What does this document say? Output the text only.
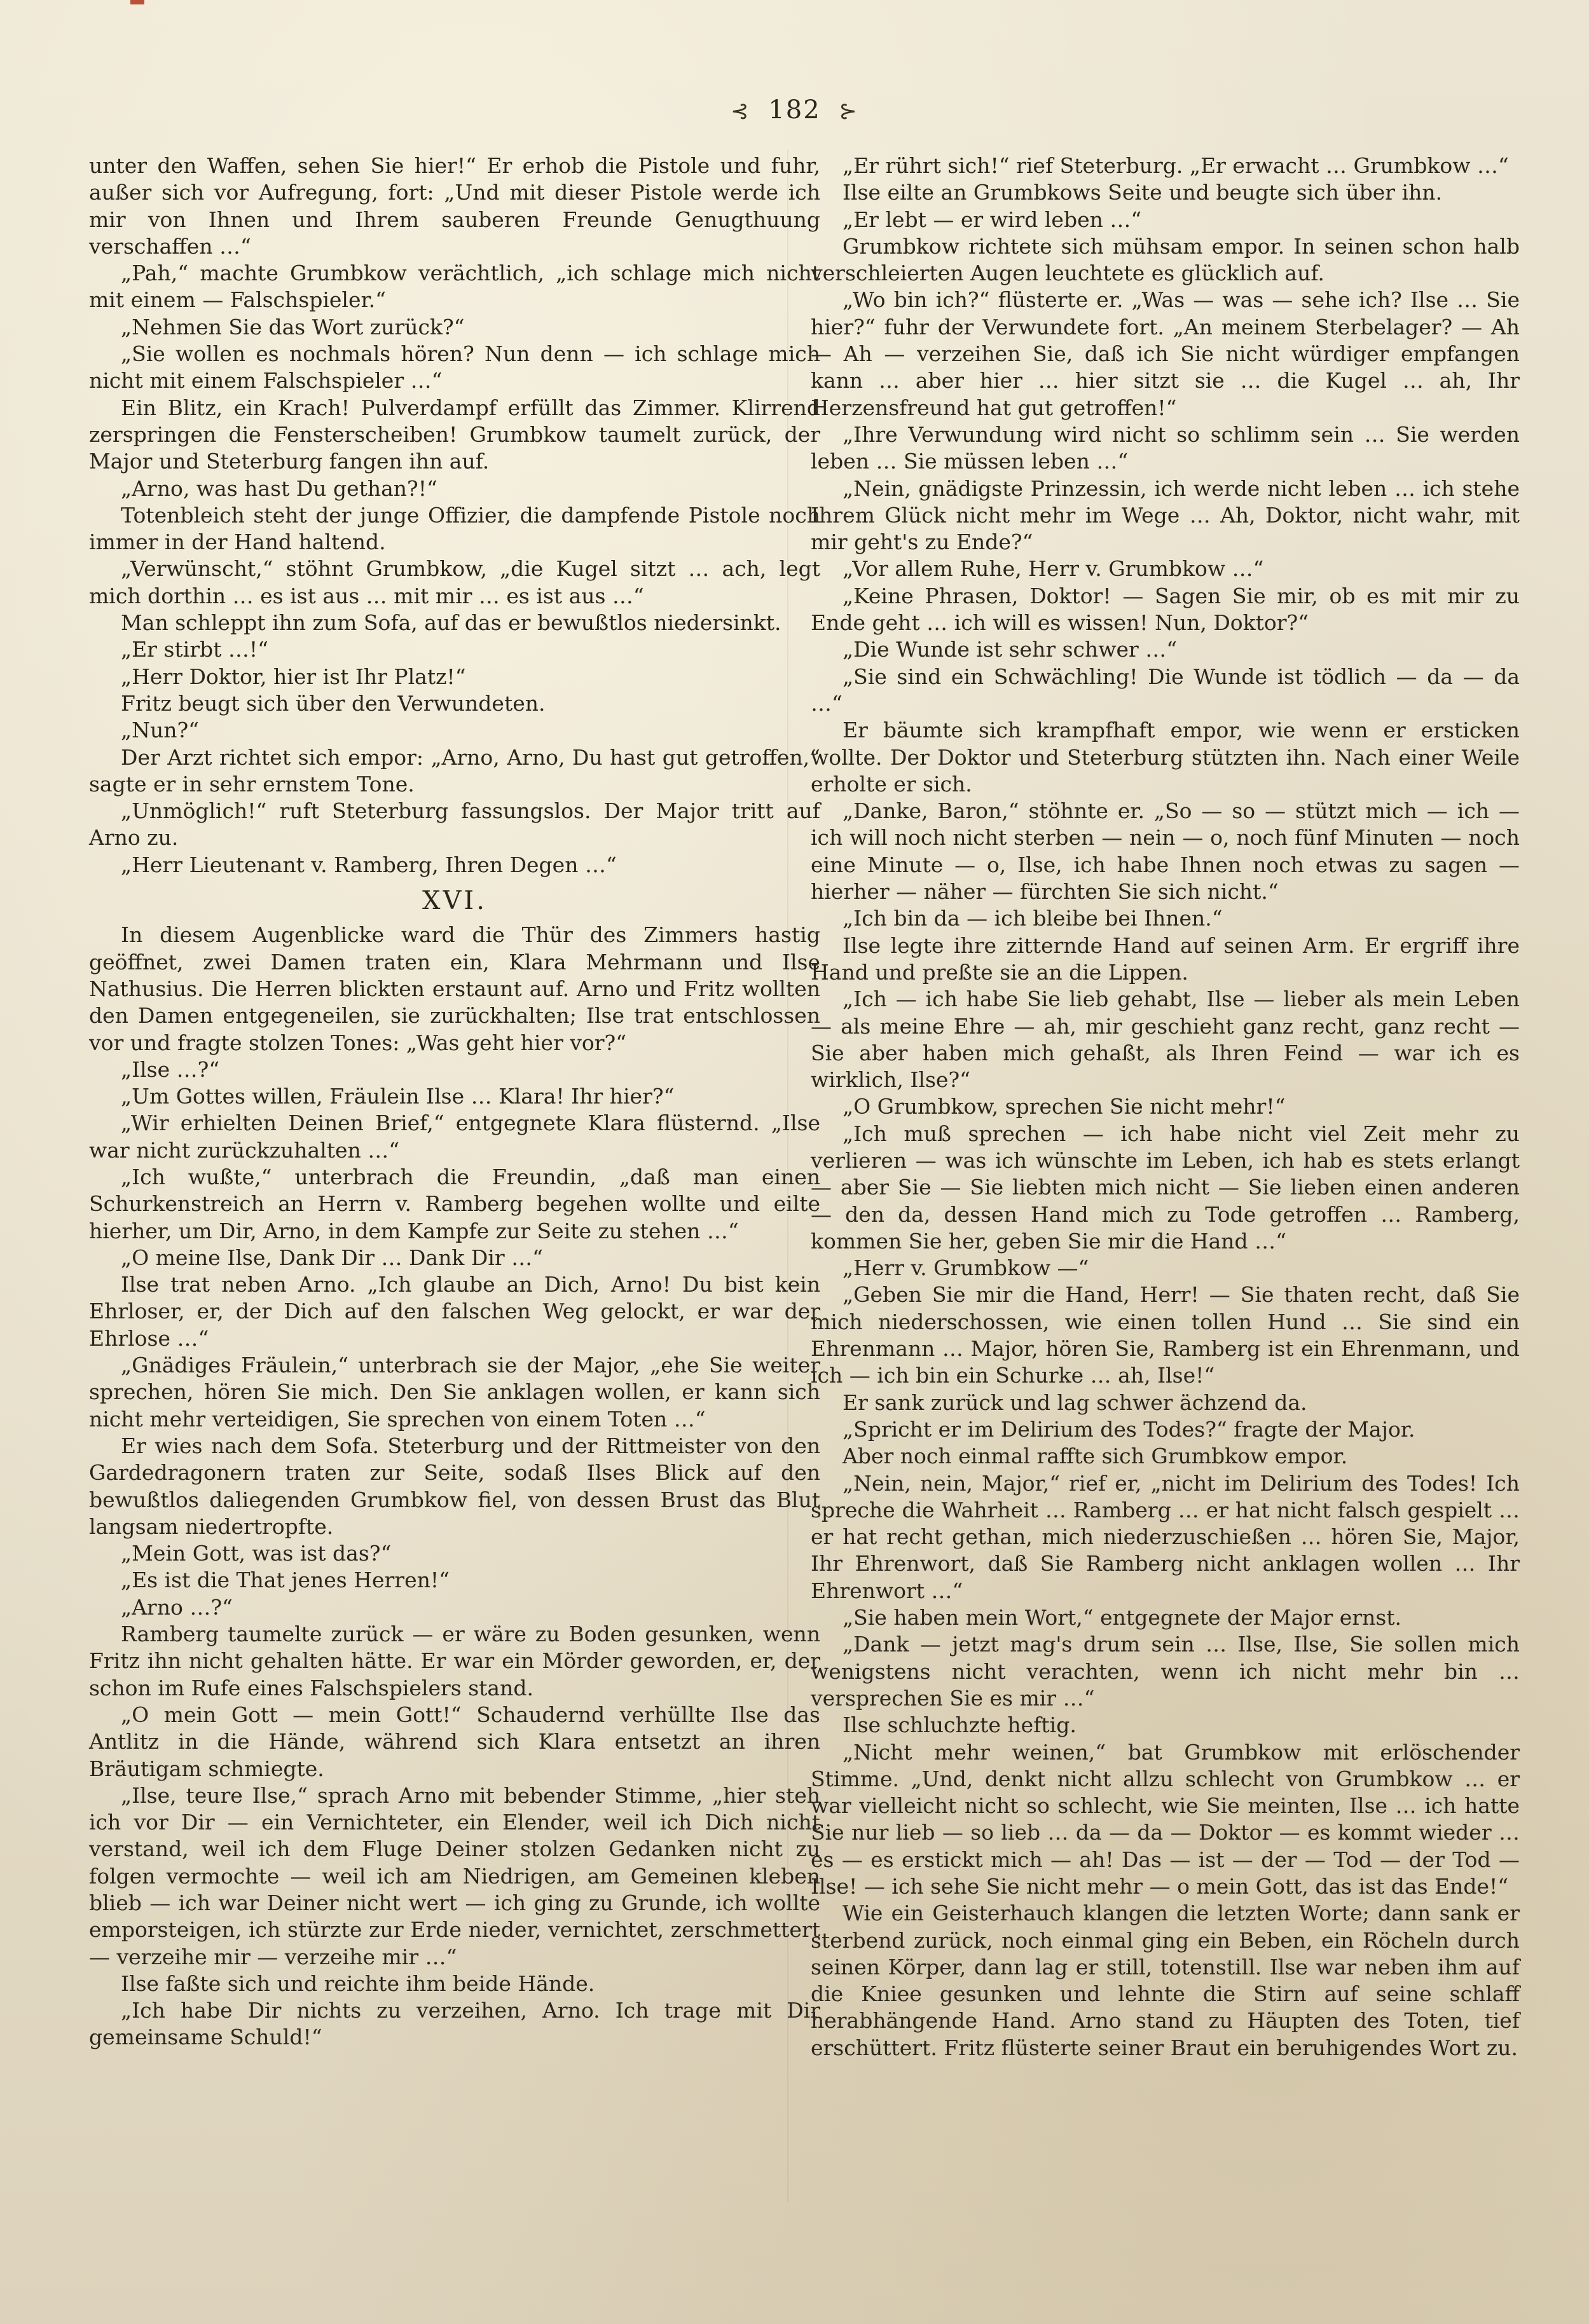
⊰ 182 ⊱

unter den Waffen, sehen Sie hier!“ Er erhob die Pistole und fuhr, außer sich vor Aufregung, fort: „Und mit dieser Pistole werde ich mir von Ihnen und Ihrem sauberen Freunde Genugthuung verschaffen …“

„Pah,“ machte Grumbkow verächtlich, „ich schlage mich nicht mit einem — Falschspieler.“

„Nehmen Sie das Wort zurück?“

„Sie wollen es nochmals hören? Nun denn — ich schlage mich nicht mit einem Falschspieler …“

Ein Blitz, ein Krach! Pulverdampf erfüllt das Zimmer. Klirrend zerspringen die Fensterscheiben! Grumbkow taumelt zurück, der Major und Steterburg fangen ihn auf.

„Arno, was hast Du gethan?!“

Totenbleich steht der junge Offizier, die dampfende Pistole noch immer in der Hand haltend.

„Verwünscht,“ stöhnt Grumbkow, „die Kugel sitzt … ach, legt mich dorthin … es ist aus … mit mir … es ist aus …“

Man schleppt ihn zum Sofa, auf das er bewußtlos niedersinkt.

„Er stirbt …!“

„Herr Doktor, hier ist Ihr Platz!“

Fritz beugt sich über den Verwundeten.

„Nun?“

Der Arzt richtet sich empor: „Arno, Arno, Du hast gut getroffen,“ sagte er in sehr ernstem Tone.

„Unmöglich!“ ruft Steterburg fassungslos. Der Major tritt auf Arno zu.

„Herr Lieutenant v. Ramberg, Ihren Degen …“

XVI.

In diesem Augenblicke ward die Thür des Zimmers hastig geöffnet, zwei Damen traten ein, Klara Mehrmann und Ilse Nathusius. Die Herren blickten erstaunt auf. Arno und Fritz wollten den Damen entgegeneilen, sie zurückhalten; Ilse trat entschlossen vor und fragte stolzen Tones: „Was geht hier vor?“

„Ilse …?“

„Um Gottes willen, Fräulein Ilse … Klara! Ihr hier?“

„Wir erhielten Deinen Brief,“ entgegnete Klara flüsternd. „Ilse war nicht zurückzuhalten …“

„Ich wußte,“ unterbrach die Freundin, „daß man einen Schurkenstreich an Herrn v. Ramberg begehen wollte und eilte hierher, um Dir, Arno, in dem Kampfe zur Seite zu stehen …“

„O meine Ilse, Dank Dir … Dank Dir …“

Ilse trat neben Arno. „Ich glaube an Dich, Arno! Du bist kein Ehrloser, er, der Dich auf den falschen Weg gelockt, er war der Ehrlose …“

„Gnädiges Fräulein,“ unterbrach sie der Major, „ehe Sie weiter sprechen, hören Sie mich. Den Sie anklagen wollen, er kann sich nicht mehr verteidigen, Sie sprechen von einem Toten …“

Er wies nach dem Sofa. Steterburg und der Rittmeister von den Gardedragonern traten zur Seite, sodaß Ilses Blick auf den bewußtlos daliegenden Grumbkow fiel, von dessen Brust das Blut langsam niedertropfte.

„Mein Gott, was ist das?“

„Es ist die That jenes Herren!“

„Arno …?“

Ramberg taumelte zurück — er wäre zu Boden gesunken, wenn Fritz ihn nicht gehalten hätte. Er war ein Mörder geworden, er, der schon im Rufe eines Falschspielers stand.

„O mein Gott — mein Gott!“ Schaudernd verhüllte Ilse das Antlitz in die Hände, während sich Klara entsetzt an ihren Bräutigam schmiegte.

„Ilse, teure Ilse,“ sprach Arno mit bebender Stimme, „hier steh ich vor Dir — ein Vernichteter, ein Elender, weil ich Dich nicht verstand, weil ich dem Fluge Deiner stolzen Gedanken nicht zu folgen vermochte — weil ich am Niedrigen, am Gemeinen kleben blieb — ich war Deiner nicht wert — ich ging zu Grunde, ich wollte emporsteigen, ich stürzte zur Erde nieder, vernichtet, zerschmettert — verzeihe mir — verzeihe mir …“

Ilse faßte sich und reichte ihm beide Hände.

„Ich habe Dir nichts zu verzeihen, Arno. Ich trage mit Dir gemeinsame Schuld!“

„Er rührt sich!“ rief Steterburg. „Er erwacht … Grumbkow …“

Ilse eilte an Grumbkows Seite und beugte sich über ihn.

„Er lebt — er wird leben …“

Grumbkow richtete sich mühsam empor. In seinen schon halb verschleierten Augen leuchtete es glücklich auf.

„Wo bin ich?“ flüsterte er. „Was — was — sehe ich? Ilse … Sie hier?“ fuhr der Verwundete fort. „An meinem Sterbelager? — Ah — Ah — verzeihen Sie, daß ich Sie nicht würdiger empfangen kann … aber hier … hier sitzt sie … die Kugel … ah, Ihr Herzensfreund hat gut getroffen!“

„Ihre Verwundung wird nicht so schlimm sein … Sie werden leben … Sie müssen leben …“

„Nein, gnädigste Prinzessin, ich werde nicht leben … ich stehe Ihrem Glück nicht mehr im Wege … Ah, Doktor, nicht wahr, mit mir geht's zu Ende?“

„Vor allem Ruhe, Herr v. Grumbkow …“

„Keine Phrasen, Doktor! — Sagen Sie mir, ob es mit mir zu Ende geht … ich will es wissen! Nun, Doktor?“

„Die Wunde ist sehr schwer …“

„Sie sind ein Schwächling! Die Wunde ist tödlich — da — da …“

Er bäumte sich krampfhaft empor, wie wenn er ersticken wollte. Der Doktor und Steterburg stützten ihn. Nach einer Weile erholte er sich.

„Danke, Baron,“ stöhnte er. „So — so — stützt mich — ich — ich will noch nicht sterben — nein — o, noch fünf Minuten — noch eine Minute — o, Ilse, ich habe Ihnen noch etwas zu sagen — hierher — näher — fürchten Sie sich nicht.“

„Ich bin da — ich bleibe bei Ihnen.“

Ilse legte ihre zitternde Hand auf seinen Arm. Er ergriff ihre Hand und preßte sie an die Lippen.

„Ich — ich habe Sie lieb gehabt, Ilse — lieber als mein Leben — als meine Ehre — ah, mir geschieht ganz recht, ganz recht — Sie aber haben mich gehaßt, als Ihren Feind — war ich es wirklich, Ilse?“

„O Grumbkow, sprechen Sie nicht mehr!“

„Ich muß sprechen — ich habe nicht viel Zeit mehr zu verlieren — was ich wünschte im Leben, ich hab es stets erlangt — aber Sie — Sie liebten mich nicht — Sie lieben einen anderen — den da, dessen Hand mich zu Tode getroffen … Ramberg, kommen Sie her, geben Sie mir die Hand …“

„Herr v. Grumbkow —“

„Geben Sie mir die Hand, Herr! — Sie thaten recht, daß Sie mich niederschossen, wie einen tollen Hund … Sie sind ein Ehrenmann … Major, hören Sie, Ramberg ist ein Ehrenmann, und ich — ich bin ein Schurke … ah, Ilse!“

Er sank zurück und lag schwer ächzend da.

„Spricht er im Delirium des Todes?“ fragte der Major.

Aber noch einmal raffte sich Grumbkow empor.

„Nein, nein, Major,“ rief er, „nicht im Delirium des Todes! Ich spreche die Wahrheit … Ramberg … er hat nicht falsch gespielt … er hat recht gethan, mich niederzuschießen … hören Sie, Major, Ihr Ehrenwort, daß Sie Ramberg nicht anklagen wollen … Ihr Ehrenwort …“

„Sie haben mein Wort,“ entgegnete der Major ernst.

„Dank — jetzt mag's drum sein … Ilse, Ilse, Sie sollen mich wenigstens nicht verachten, wenn ich nicht mehr bin … versprechen Sie es mir …“

Ilse schluchzte heftig.

„Nicht mehr weinen,“ bat Grumbkow mit erlöschender Stimme. „Und, denkt nicht allzu schlecht von Grumbkow … er war vielleicht nicht so schlecht, wie Sie meinten, Ilse … ich hatte Sie nur lieb — so lieb … da — da — Doktor — es kommt wieder … es — es erstickt mich — ah! Das — ist — der — Tod — der Tod — Ilse! — ich sehe Sie nicht mehr — o mein Gott, das ist das Ende!“

Wie ein Geisterhauch klangen die letzten Worte; dann sank er sterbend zurück, noch einmal ging ein Beben, ein Röcheln durch seinen Körper, dann lag er still, totenstill. Ilse war neben ihm auf die Kniee gesunken und lehnte die Stirn auf seine schlaff herabhängende Hand. Arno stand zu Häupten des Toten, tief erschüttert. Fritz flüsterte seiner Braut ein beruhigendes Wort zu.
